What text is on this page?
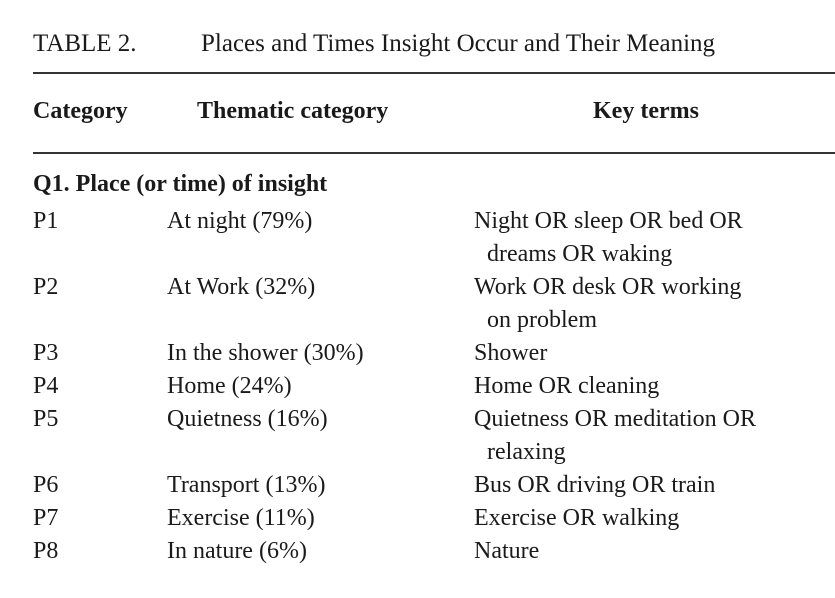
TABLE 2.	Places and Times Insight Occur and Their Meaning
Category	Thematic category	Key terms
Q1. Place (or time) of insight
P1	At night (79%)	Night OR sleep OR bed OR
dreams OR waking
P2	At Work (32%)	Work OR desk OR working
on problem
P3	In the shower (30%)	Shower
P4	Home (24%)	Home OR cleaning
P5	Quietness (16%)	Quietness OR meditation OR
relaxing
P6	Transport (13%)	Bus OR driving OR train
P7	Exercise (11%)	Exercise OR walking
P8	In nature (6%)	Nature
